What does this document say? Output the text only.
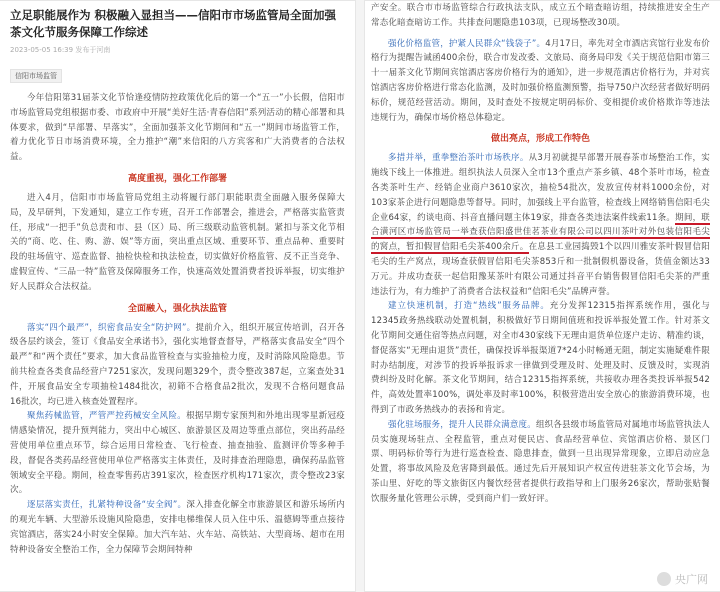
立足职能展作为 积极融入显担当——信阳市市场监管局全面加强茶文化节服务保障工作综述
2023-05-05 16:39 发布于河南
信阳市场监管

今年信阳第31届茶文化节恰逢疫情防控政策优化后的第一个“五一”小长假，信阳市市场监管局党组根据市委、市政府中开展“美好生活·青春信阳”系列活动的精心部署和具体要求，做到“早部署、早落实”，全面加强茶文化节期间和“五一”期间市场监管工作，着力优化节日市场消费环境，全力推护“潮”来信阳的八方宾客和广大消费者的合法权益。

高度重视，强化工作部署

进入4月，信阳市市场监管局党组主动将履行部门职能职责全面融入服务保障大局，及早研判，下发通知，建立工作专班，召开工作部署会，推进会，严格落实监管责任，形成“一把手”负总责和市、县（区）局、所三级联动监管机制。紧扣与茶文化节相关的“商、吃、住、购、游、娱”等方面，突出重点区域、重要环节、重点品种、重要时段的驻场值守、巡查监督、抽检快检和执法检查，切实做好价格监管、反不正当竞争、虚假宣传、“三品一特”监管及保障服务工作，快速高效处置消费者投诉举报，切实维护好人民群众合法权益。

全面融入，强化执法监管

落实“四个最严”，织密食品安全“防护网”。提前介入，组织开展宣传培训，召开各级各层约谈会，签订《食品安全承诺书》，强化实地督查督导，严格落实食品安全“四个最严”和“两个责任”要求，加大食品监管检查与实验抽检力度，及时消除风险隐患。节前共检查各类食品经营户7251家次，发现问题329个，责令整改387起，立案查处31件，开展食品安全专项抽检1484批次，初筛不合格食品2批次，发现不合格问题食品16批次，均已进入核查处置程序。

聚焦药械监管，严管严控药械安全风险。根据早期专家预判和外地出现零星新冠疫情感染情况，提升预判能力，突出中心城区、旅游景区及周边等重点部位，突出药品经营使用单位重点环节，综合运用日常检查、飞行检查、抽查抽验、监测评价等多种手段，督促各类药品经营使用单位严格落实主体责任，及时排查治理隐患，确保药品监管领域安全平稳。期间，检查零售药店391家次，检查医疗机构171家次，责令整改23家次。

逐层落实责任，扎紧特种设备“安全阀”。深入排查化解全市旅游景区和游乐场所内的观光车辆、大型游乐设施风险隐患，安排电梯维保人员入住中乐、温德姆等重点接待宾馆酒店，落实24小时安全保障。加大汽车站、火车站、高铁站、大型商场、超市在用特种设备安全整治工作，全力保障节会期间特种

产安全。联合市市场监管综合行政执法支队，成立五个暗查暗访组，持续推进安全生产常态化暗查暗访工作。共排查问题隐患103项，已现场整改30项。

强化价格监管，护紧人民群众“钱袋子”。4月17日，率先对全市酒店宾馆行业发布价格行为提醒告诫函400余份，联合市发改委、文旅局、商务局印发《关于规范信阳市第三十一届茶文化节期间宾馆酒店客房价格行为的通知》，进一步规范酒店价格行为，并对宾馆酒店客房价格进行常态化监测，及时加强价格监测预警，指导750户次经营者做好明码标价，规范经营活动。期间，及时查处不按规定明码标价、变相提价或价格欺诈等违法违规行为，确保市场价格总体稳定。

做出亮点，形成工作特色

多措并举，重拳整治茶叶市场秩序。从3月初就提早部署开展春茶市场整治工作，实施线下线上一体推进。组织执法人员深入全市13个重点产茶乡镇、48个茶叶市场，检查各类茶叶生产、经销企业商户3610家次，抽检54批次，发放宣传材料1000余份，对103家茶企进行问题隐患等督导。同时，加强线上平台监管，检查线上网络销售信阳毛尖企业64家，约谈电商、抖音直播问题主体19家，排查各类违法案件线索11条。期间，联合潢河区市场监管局一举查获信阳盛世佳茗茶业有限公司以四川茶叶对外包装信阳毛尖的窝点，暂扣假冒信阳毛尖茶400余斤。在息县工业园捣毁1个以四川雅安茶叶假冒信阳毛尖的生产窝点，现场查获假冒信阳毛尖茶853斤和一批制假机器设备，货值金额达33万元。并成功查获一起信阳豫某茶叶有限公司通过抖音平台销售假冒信阳毛尖茶的严重违法行为，有力维护了消费者合法权益和“信阳毛尖”品牌声誉。

建立快速机制，打造“热线”服务品牌。充分发挥12315指挥系统作用，强化与12345政务热线联动处置机制，积极做好节日期间值班和投诉举报处置工作。针对茶文化节期间交通住宿等热点问题，对全市430家线下无理由退货单位逐户走访、精准约谈，督促落实“无理由退货”责任，确保投诉举报渠道7*24小时畅通无阻，制定实施疑难件限时办结制度，对涉节的投诉举报诉求一律做到受理及时、处理及时、反馈及时，实现消费纠纷及时化解。茶文化节期间，结合12315指挥系统，共接收办理各类投诉举报542件，高效处置率100%，调处率及时率100%，积极营造出安全放心的旅游消费环境，也得到了市政务热线办的表扬和肯定。

强化驻场服务，提升人民群众满意度。组织各县级市场监管局对属地市场监管执法人员实施现场驻点、全程监管，重点对便民店、食品经营单位、宾馆酒店价格、景区门票、明码标价等行为进行巡查检查、隐患排查，做到一旦出现异常现象，立即启动应急处置，将事故风险及危害降到最低。通过先后开展知识产权宣传进驻茶文化节会场，为茶山里、好吃的等文旅街区内餐饮经营者提供行政指导和上门服务26家次，帮助张贴餐饮服务量化管理公示牌，受到商户们一致好评。

央广网
